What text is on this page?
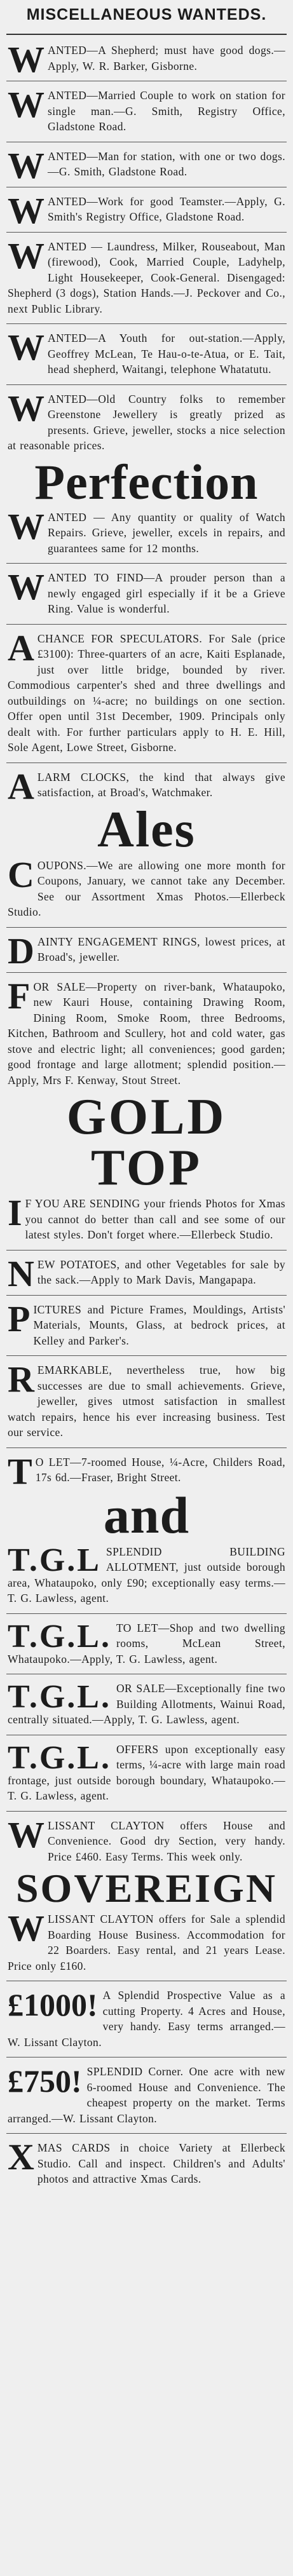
MISCELLANEOUS WANTEDS.

WANTED—A Shepherd; must have good dogs.—Apply, W. R. Barker, Gisborne.

WANTED—Married Couple to work on station for single man.—G. Smith, Registry Office, Gladstone Road.

WANTED—Man for station, with one or two dogs.—G. Smith, Gladstone Road.

WANTED—Work for good Teamster.—Apply, G. Smith's Registry Office, Gladstone Road.

WANTED — Laundress, Milker, Rouseabout, Man (firewood), Cook, Married Couple, Ladyhelp, Light Housekeeper, Cook-General. Disengaged: Shepherd (3 dogs), Station Hands.—J. Peckover and Co., next Public Library.

WANTED—A Youth for out-station.—Apply, Geoffrey McLean, Te Hau-o-te-Atua, or E. Tait, head shepherd, Waitangi, telephone Whatatutu.

WANTED—Old Country folks to remember Greenstone Jewellery is greatly prized as presents. Grieve, jeweller, stocks a nice selection at reasonable prices.

Perfection

WANTED — Any quantity or quality of Watch Repairs. Grieve, jeweller, excels in repairs, and guarantees same for 12 months.

WANTED TO FIND—A prouder person than a newly engaged girl especially if it be a Grieve Ring. Value is wonderful.

ACHANCE FOR SPECULATORS. For Sale (price £3100): Three-quarters of an acre, Kaiti Esplanade, just over little bridge, bounded by river. Commodious carpenter's shed and three dwellings and outbuildings on ¼-acre; no buildings on one section. Offer open until 31st December, 1909. Principals only dealt with. For further particulars apply to H. E. Hill, Sole Agent, Lowe Street, Gisborne.

ALARM CLOCKS, the kind that always give satisfaction, at Broad's, Watchmaker.

Ales

COUPONS.—We are allowing one more month for Coupons, January, we cannot take any December. See our Assortment Xmas Photos.—Ellerbeck Studio.

DAINTY ENGAGEMENT RINGS, lowest prices, at Broad's, jeweller.

FOR SALE—Property on river-bank, Whataupoko, new Kauri House, containing Drawing Room, Dining Room, Smoke Room, three Bedrooms, Kitchen, Bathroom and Scullery, hot and cold water, gas stove and electric light; all conveniences; good garden; good frontage and large allotment; splendid position.—Apply, Mrs F. Kenway, Stout Street.

GOLD TOP

I F YOU ARE SENDING your friends Photos for Xmas you cannot do better than call and see some of our latest styles. Don't forget where.—Ellerbeck Studio.

NEW POTATOES, and other Vegetables for sale by the sack.—Apply to Mark Davis, Mangapapa.

PICTURES and Picture Frames, Mouldings, Artists' Materials, Mounts, Glass, at bedrock prices, at Kelley and Parker's.

REMARKABLE, nevertheless true, how big successes are due to small achievements. Grieve, jeweller, gives utmost satisfaction in smallest watch repairs, hence his ever increasing business. Test our service.

T O LET—7-roomed House, ¼-Acre, Childers Road, 17s 6d.—Fraser, Bright Street.

and

T.G.L SPLENDID BUILDING ALLOTMENT, just outside borough area, Whataupoko, only £90; exceptionally easy terms.—T. G. Lawless, agent.

T.G.L. TO LET—Shop and two dwelling rooms, McLean Street, Whataupoko.—Apply, T. G. Lawless, agent.

T.G.L. OR SALE—Exceptionally fine two Building Allotments, Wainui Road, centrally situated.—Apply, T. G. Lawless, agent.

T.G.L. OFFERS upon exceptionally easy terms, ¼-acre with large main road frontage, just outside borough boundary, Whataupoko.—T. G. Lawless, agent.

WLISSANT CLAYTON offers House and Convenience. Good dry Section, very handy. Price £460. Easy Terms. This week only.

SOVEREIGN

WLISSANT CLAYTON offers for Sale a splendid Boarding House Business. Accommodation for 22 Boarders. Easy rental, and 21 years Lease. Price only £160.

£1000! A Splendid Prospective Value as a cutting Property. 4 Acres and House, very handy. Easy terms arranged.—W. Lissant Clayton.

£750! SPLENDID Corner. One acre with new 6-roomed House and Convenience. The cheapest property on the market. Terms arranged.—W. Lissant Clayton.

XMAS CARDS in choice Variety at Ellerbeck Studio. Call and inspect. Children's and Adults' photos and attractive Xmas Cards.
